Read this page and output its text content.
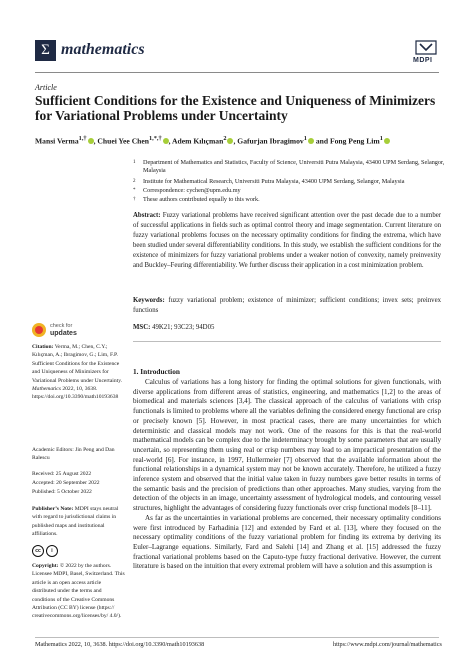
Σ mathematics
MDPI
Article
Sufficient Conditions for the Existence and Uniqueness of Minimizers for Variational Problems under Uncertainty
Mansi Verma$^{1,\dagger}$ , Chuei Yee Chen$^{1,*,\dagger}$ , Adem Kılıçman$^2$ , Gafurjan Ibragimov$^1$ and Fong Peng Lim$^1$
1	Department of Mathematics and Statistics, Faculty of Science, Universiti Putra Malaysia, 43400 UPM Serdang, Selangor, Malaysia
2	Institute for Mathematical Research, Universiti Putra Malaysia, 43400 UPM Serdang, Selangor, Malaysia
*	Correspondence: cychen@upm.edu.my
†	These authors contributed equally to this work.
Abstract: Fuzzy variational problems have received significant attention over the past decade due to a number of successful applications in fields such as optimal control theory and image segmentation. Current literature on fuzzy variational problems focuses on the necessary optimality conditions for finding the extrema, which have been studied under several differentiability conditions. In this study, we establish the sufficient conditions for the existence of minimizers for fuzzy variational problems under a weaker notion of convexity, namely preinvexity and Buckley–Feuring differentiability. We further discuss their application in a cost minimization problem.
Keywords: fuzzy variational problem; existence of minimizer; sufficient conditions; invex sets; preinvex functions
MSC: 49K21; 93C23; 94D05
check for
updates
Citation: Verma, M.; Chen, C.Y.; Kılıçman, A.; Ibragimov, G.; Lim, F.P. Sufficient Conditions for the Existence and Uniqueness of Minimizers for Variational Problems under Uncertainty. Mathematics 2022, 10, 3638. https://doi.org/10.3390/math10193638
Academic Editors: Jin Peng and Dan Ralescu
Received: 25 August 2022
Accepted: 20 September 2022
Published: 5 October 2022
Publisher’s Note: MDPI stays neutral with regard to jurisdictional claims in published maps and institutional affiliations.
cc	i
Copyright: © 2022 by the authors. Licensee MDPI, Basel, Switzerland. This article is an open access article distributed under the terms and conditions of the Creative Commons Attribution (CC BY) license (https:// creativecommons.org/licenses/by/ 4.0/).
1. Introduction

Calculus of variations has a long history for finding the optimal solutions for given functionals, with diverse applications from different areas of statistics, engineering, and mathematics [1,2] to the areas of biomedical and materials sciences [3,4]. The classical approach of the calculus of variations with crisp functionals is limited to problems where all the variables defining the considered energy functional are crisp or precisely known [5]. However, in most practical cases, there are many uncertainties for which deterministic and classical models may not work. One of the reasons for this is that the real-world mathematical models can be complex due to the indeterminacy brought by some parameters that are usually uncertain, so representing them using real or crisp numbers may lead to an impractical presentation of the real-world [6]. For instance, in 1997, Hullermeier [7] observed that the available information about the functional relationships in a dynamical system may not be known accurately. Therefore, he utilized a fuzzy inference system and observed that the initial value taken in fuzzy numbers gave better results in terms of the semantic basis and the precision of predictions than other approaches. Many studies, varying from the detection of the objects in an image, uncertainty assessment of hydrological models, and contouring vessel structures, highlight the advantages of considering fuzzy functionals over crisp functional models [8–11].

As far as the uncertainties in variational problems are concerned, their necessary optimality conditions were first introduced by Farhadinia [12] and extended by Fard et al. [13], where they focused on the necessary optimality conditions of the fuzzy variational problem for finding its extrema by deriving its Euler–Lagrange equations. Similarly, Fard and Salehi [14] and Zhang et al. [15] addressed the fuzzy fractional variational problems based on the Caputo-type fuzzy fractional derivative. However, the current literature is based on the intuition that every extremal problem will have a solution and this assumption is

Mathematics 2022, 10, 3638. https://doi.org/10.3390/math10193638	https://www.mdpi.com/journal/mathematics
